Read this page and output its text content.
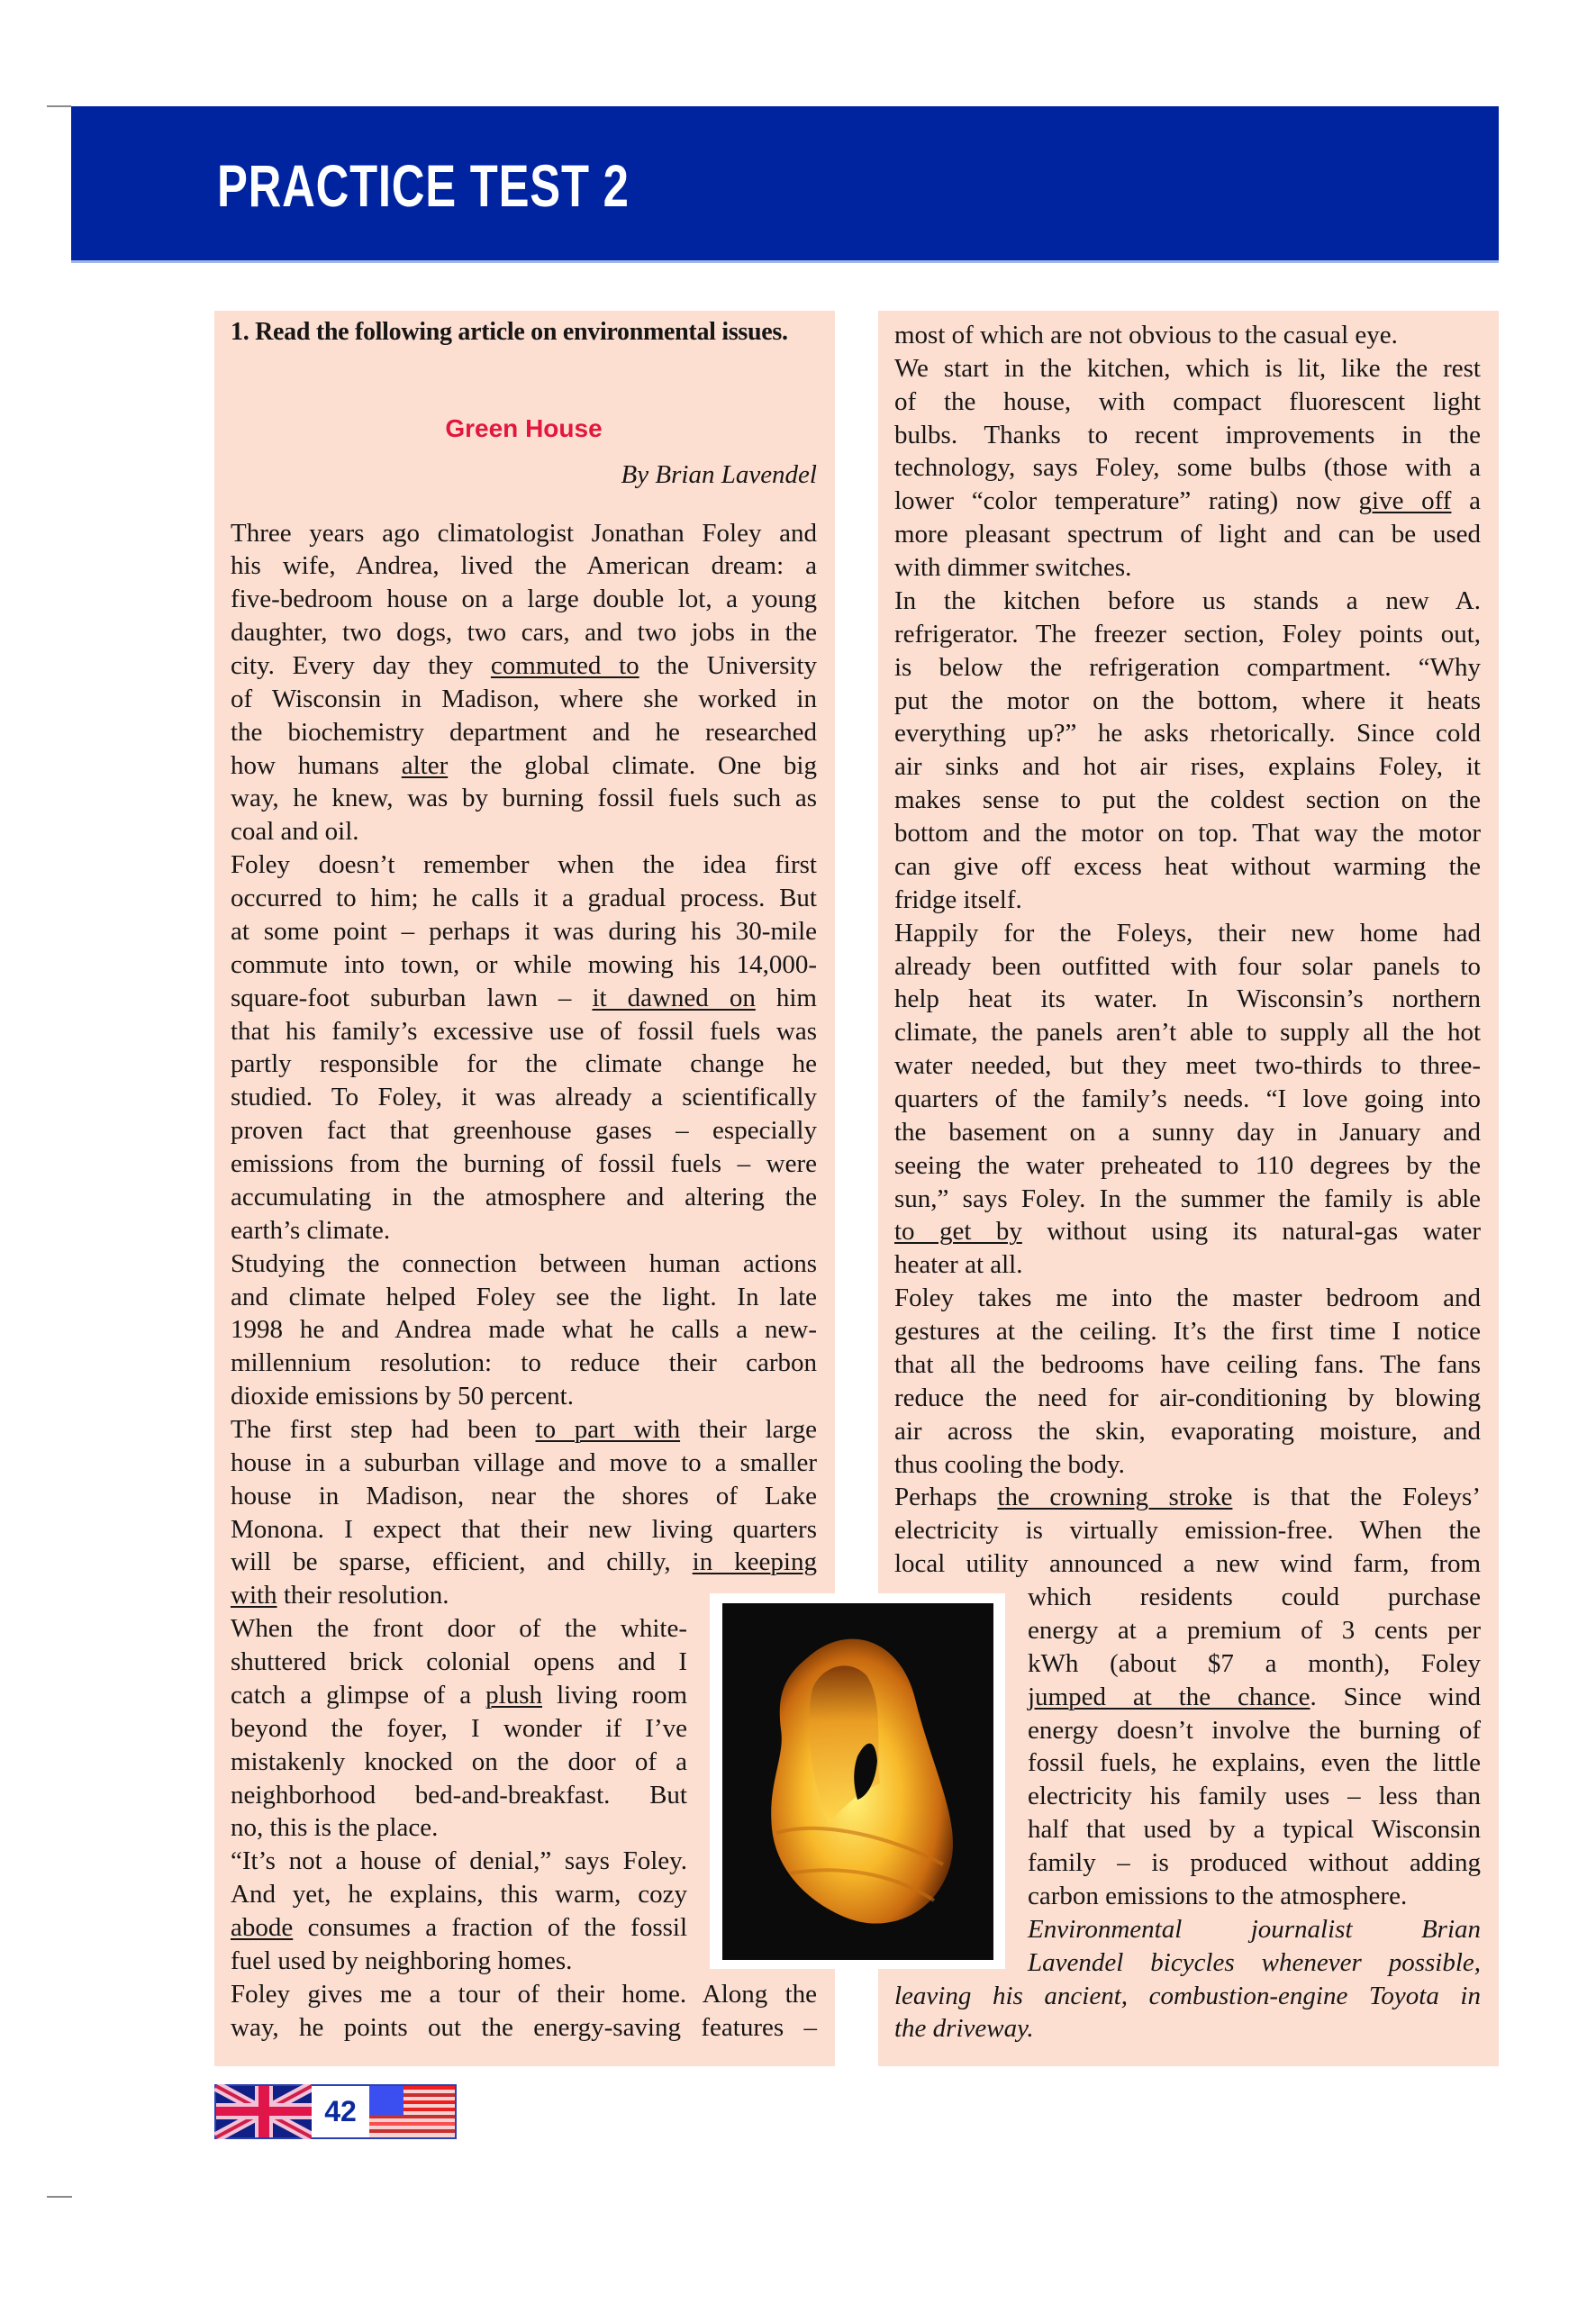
PRACTICE TEST 2
1. Read the following article on environmental issues.
Green House
By Brian Lavendel
Three years ago climatologist Jonathan Foley and
his wife, Andrea, lived the American dream: a
five-bedroom house on a large double lot, a young
daughter, two dogs, two cars, and two jobs in the
city. Every day they commuted to the University
of Wisconsin in Madison, where she worked in
the biochemistry department and he researched
how humans alter the global climate. One big
way, he knew, was by burning fossil fuels such as
coal and oil.
Foley doesn’t remember when the idea first
occurred to him; he calls it a gradual process. But
at some point – perhaps it was during his 30-mile
commute into town, or while mowing his 14,000-
square-foot suburban lawn – it dawned on him
that his family’s excessive use of fossil fuels was
partly responsible for the climate change he
studied. To Foley, it was already a scientifically
proven fact that greenhouse gases – especially
emissions from the burning of fossil fuels – were
accumulating in the atmosphere and altering the
earth’s climate.
Studying the connection between human actions
and climate helped Foley see the light. In late
1998 he and Andrea made what he calls a new-
millennium resolution: to reduce their carbon
dioxide emissions by 50 percent.
The first step had been to part with their large
house in a suburban village and move to a smaller
house in Madison, near the shores of Lake
Monona. I expect that their new living quarters
will be sparse, efficient, and chilly, in keeping
with their resolution.
When the front door of the white-
shuttered brick colonial opens and I
catch a glimpse of a plush living room
beyond the foyer, I wonder if I’ve
mistakenly knocked on the door of a
neighborhood bed-and-breakfast. But
no, this is the place.
“It’s not a house of denial,” says Foley.
And yet, he explains, this warm, cozy
abode consumes a fraction of the fossil
fuel used by neighboring homes.
Foley gives me a tour of their home. Along the
way, he points out the energy-saving features –
most of which are not obvious to the casual eye.
We start in the kitchen, which is lit, like the rest
of the house, with compact fluorescent light
bulbs. Thanks to recent improvements in the
technology, says Foley, some bulbs (those with a
lower “color temperature” rating) now give off a
more pleasant spectrum of light and can be used
with dimmer switches.
In the kitchen before us stands a new A.
refrigerator. The freezer section, Foley points out,
is below the refrigeration compartment. “Why
put the motor on the bottom, where it heats
everything up?” he asks rhetorically. Since cold
air sinks and hot air rises, explains Foley, it
makes sense to put the coldest section on the
bottom and the motor on top. That way the motor
can give off excess heat without warming the
fridge itself.
Happily for the Foleys, their new home had
already been outfitted with four solar panels to
help heat its water. In Wisconsin’s northern
climate, the panels aren’t able to supply all the hot
water needed, but they meet two-thirds to three-
quarters of the family’s needs. “I love going into
the basement on a sunny day in January and
seeing the water preheated to 110 degrees by the
sun,” says Foley. In the summer the family is able
to get by without using its natural-gas water
heater at all.
Foley takes me into the master bedroom and
gestures at the ceiling. It’s the first time I notice
that all the bedrooms have ceiling fans. The fans
reduce the need for air-conditioning by blowing
air across the skin, evaporating moisture, and
thus cooling the body.
Perhaps the crowning stroke is that the Foleys’
electricity is virtually emission-free. When the
local utility announced a new wind farm, from
which residents could purchase
energy at a premium of 3 cents per
kWh (about $7 a month), Foley
jumped at the chance. Since wind
energy doesn’t involve the burning of
fossil fuels, he explains, even the little
electricity his family uses – less than
half that used by a typical Wisconsin
family – is produced without adding
carbon emissions to the atmosphere.
Environmental journalist Brian
Lavendel bicycles whenever possible,
leaving his ancient, combustion-engine Toyota in
the driveway.
42
